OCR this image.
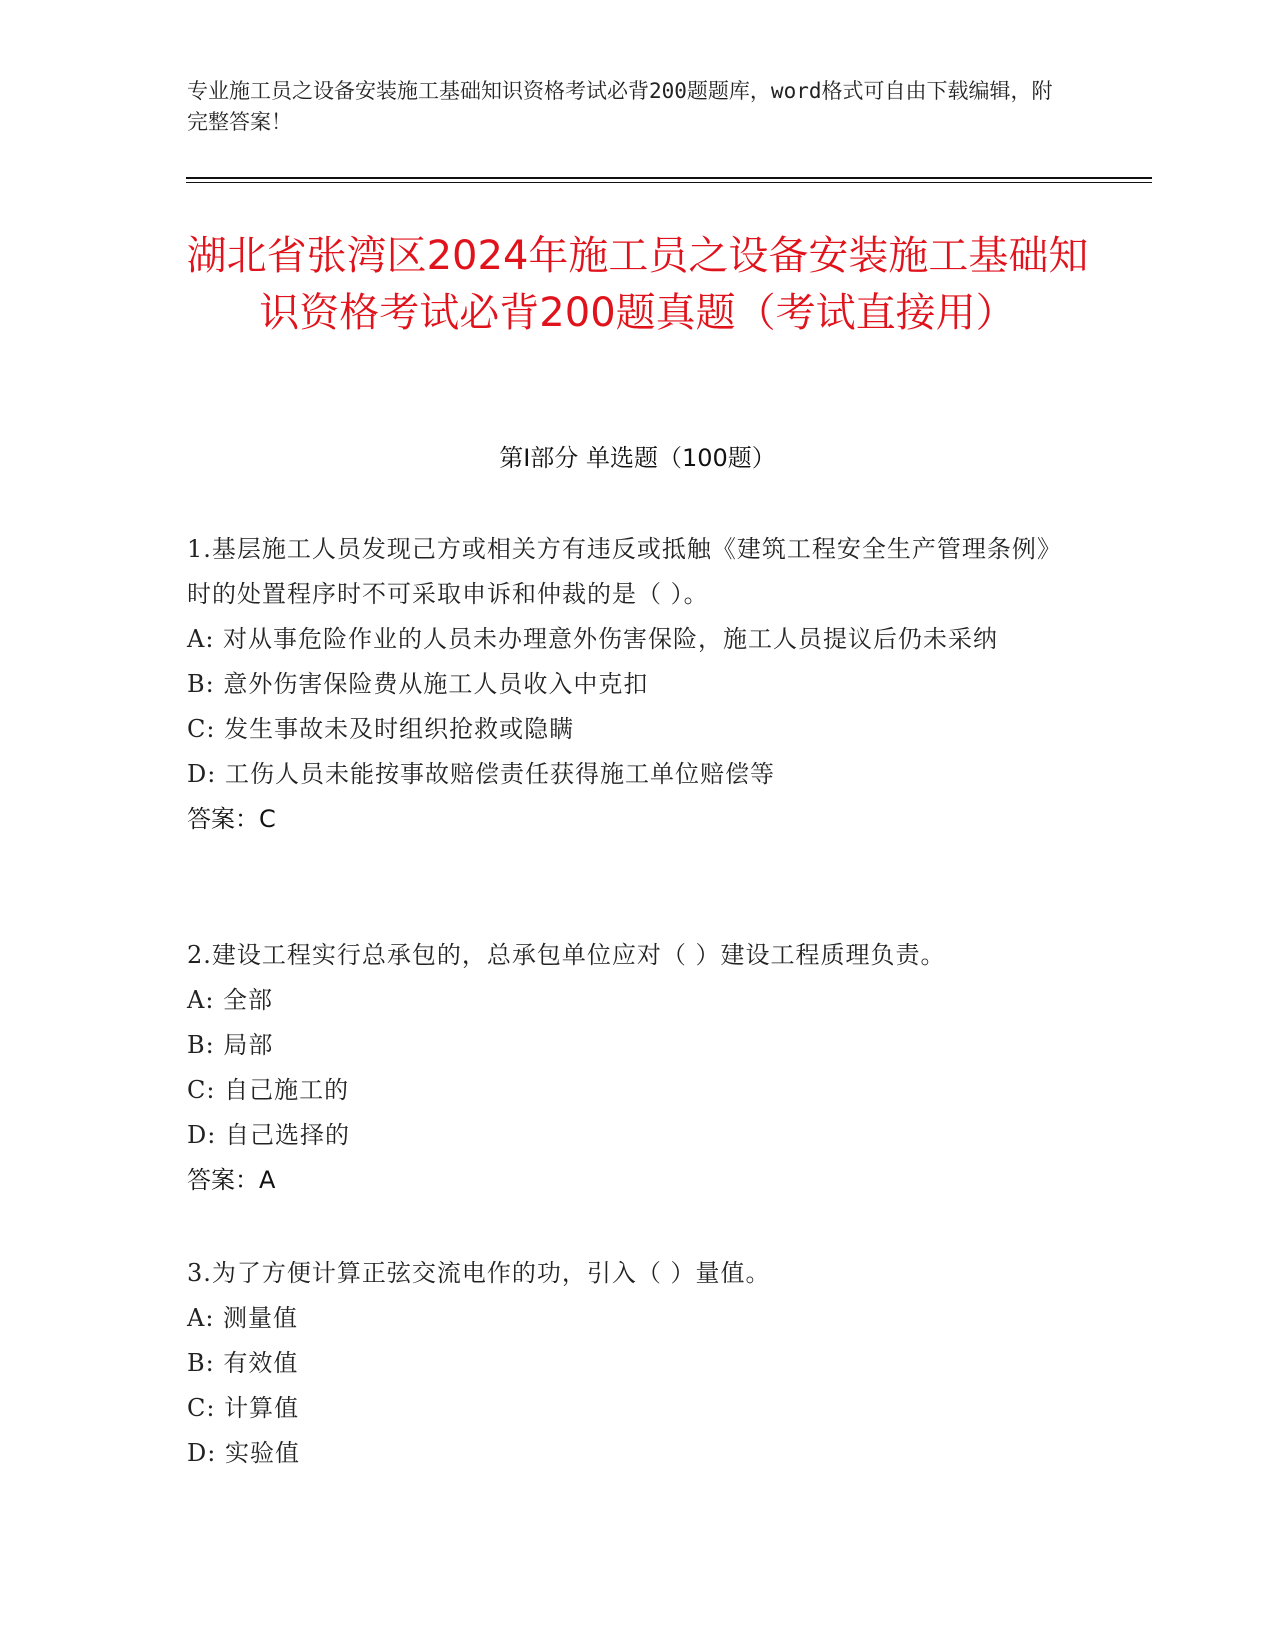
专业施工员之设备安装施工基础知识资格考试必背200题题库，word格式可自由下载编辑，附完整答案！
湖北省张湾区2024年施工员之设备安装施工基础知识资格考试必背200题真题（考试直接用）
第Ⅰ部分 单选题（100题）
1.基层施工人员发现己方或相关方有违反或抵触《建筑工程安全生产管理条例》时的处置程序时不可采取申诉和仲裁的是（ ）。
A: 对从事危险作业的人员未办理意外伤害保险，施工人员提议后仍未采纳
B: 意外伤害保险费从施工人员收入中克扣
C: 发生事故未及时组织抢救或隐瞒
D: 工伤人员未能按事故赔偿责任获得施工单位赔偿等
答案：C
2.建设工程实行总承包的，总承包单位应对（ ）建设工程质理负责。
A: 全部
B: 局部
C: 自己施工的
D: 自己选择的
答案：A
3.为了方便计算正弦交流电作的功，引入（ ）量值。
A: 测量值
B: 有效值
C: 计算值
D: 实验值
